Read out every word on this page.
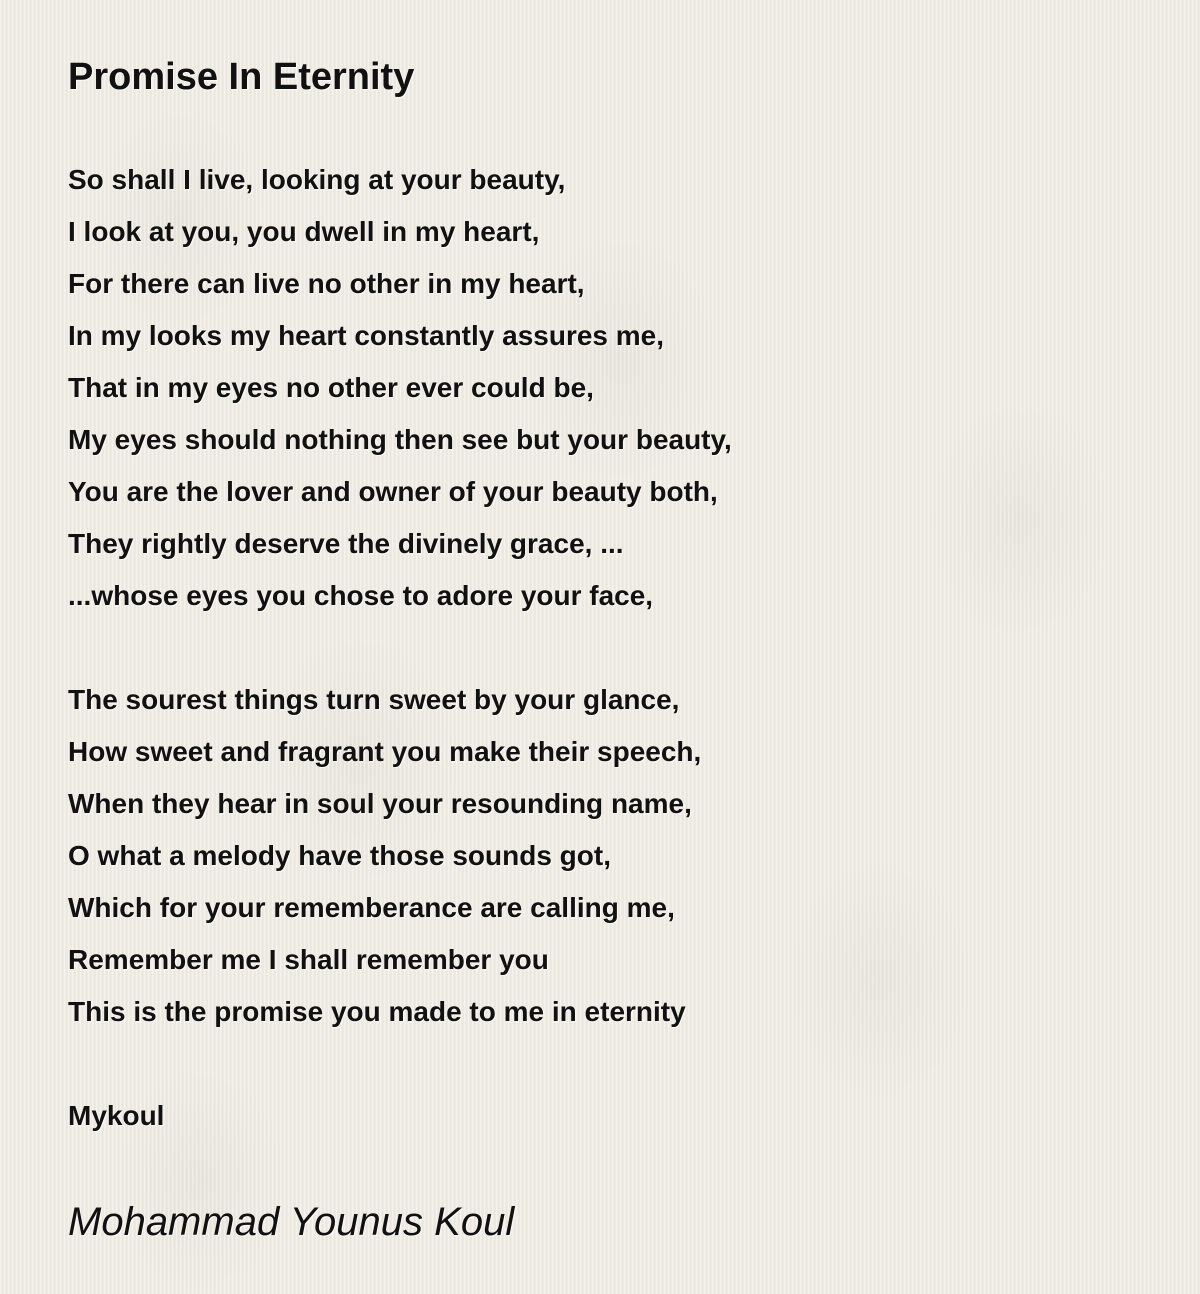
Promise In Eternity
So shall I live, looking at your beauty,
I look at you, you dwell in my heart,
For there can live no other in my heart,
In my looks my heart constantly assures me,
That in my eyes no other ever could be,
My eyes should nothing then see but your beauty,
You are the lover and owner of your beauty both,
They rightly deserve the divinely grace, ...
...whose eyes you chose to adore your face,
The sourest things turn sweet by your glance,
How sweet and fragrant you make their speech,
When they hear in soul your resounding name,
O what a melody have those sounds got,
Which for your rememberance are calling me,
Remember me I shall remember you
This is the promise you made to me in eternity
Mykoul
Mohammad Younus Koul
